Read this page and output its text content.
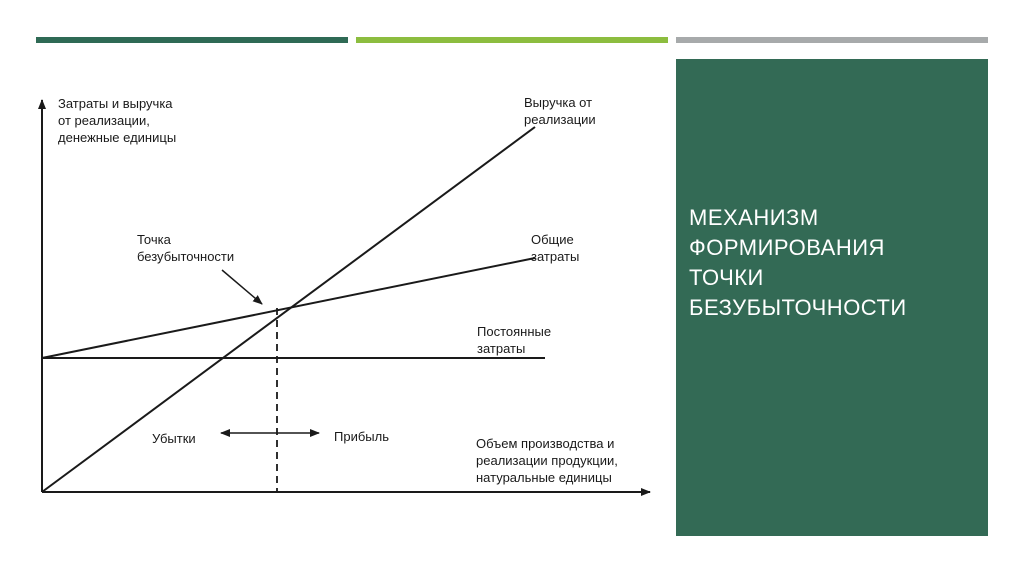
Затраты и выручка от реализации, денежные единицы
Выручка от реализации
Общие затраты
Точка безубыточности
Постоянные затраты
Убытки	Прибыль	Объем производства и реализации продукции, натуральные единицы
МЕХАНИЗМ
ФОРМИРОВАНИЯ
ТОЧКИ
БЕЗУБЫТОЧНОСТИ
